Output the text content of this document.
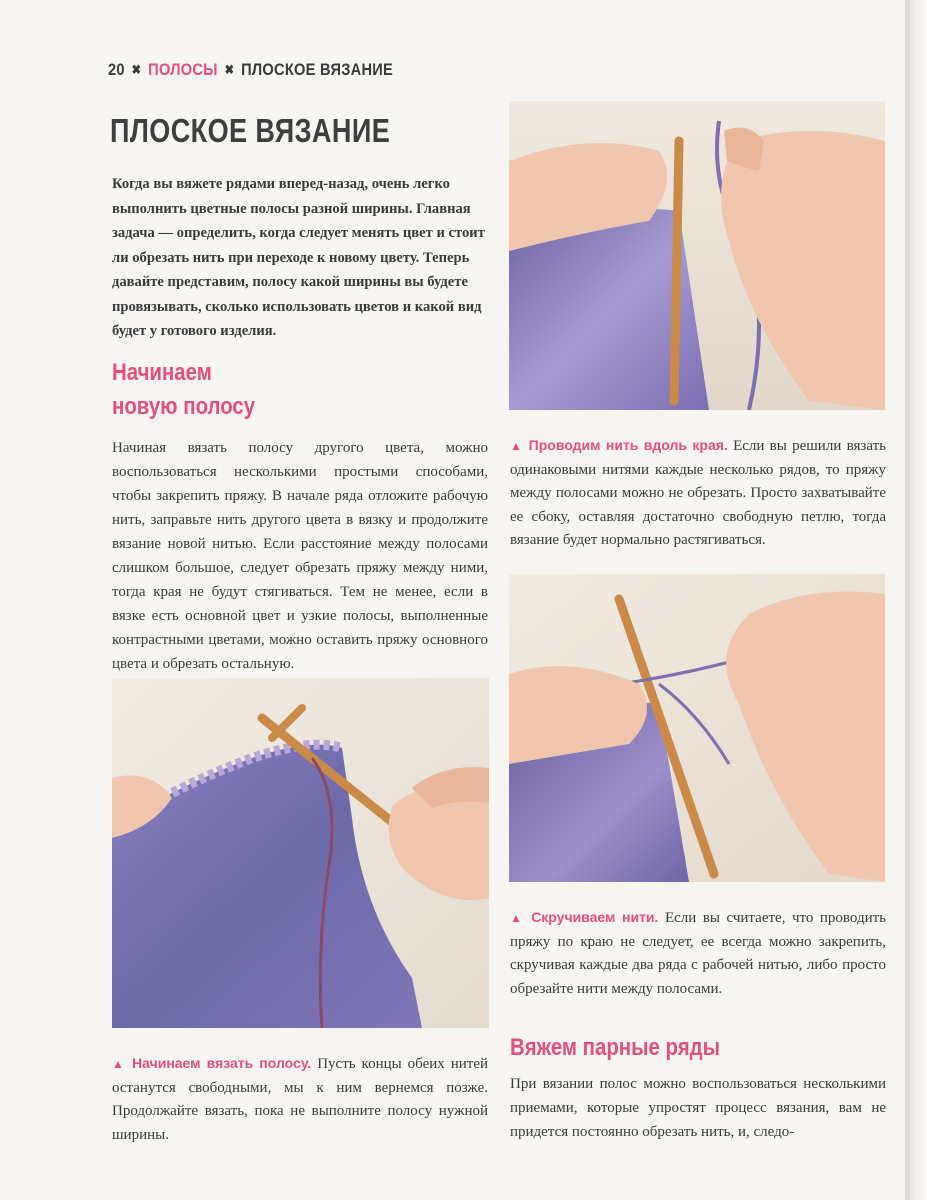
20 ✖ ПОЛОСЫ ✖ ПЛОСКОЕ ВЯЗАНИЕ
ПЛОСКОЕ ВЯЗАНИЕ
Когда вы вяжете рядами вперед-назад, очень легко выполнить цветные полосы разной ширины. Главная задача — определить, когда следует менять цвет и стоит ли обрезать нить при переходе к новому цвету. Теперь давайте представим, полосу какой ширины вы будете провязывать, сколько использовать цветов и какой вид будет у готового изделия.
Начинаем
новую полосу
Начиная вязать полосу другого цвета, можно воспользоваться несколькими простыми способами, чтобы закрепить пряжу. В начале ряда отложите рабочую нить, заправьте нить другого цвета в вязку и продолжите вязание новой нитью. Если расстояние между полосами слишком большое, следует обрезать пряжу между ними, тогда края не будут стягиваться. Тем не менее, если в вязке есть основной цвет и узкие полосы, выполненные контрастными цветами, можно оставить пряжу основного цвета и обрезать остальную.
▲ Начинаем вязать полосу. Пусть концы обеих нитей останутся свободными, мы к ним вернемся позже. Продолжайте вязать, пока не выполните полосу нужной ширины.
▲ Проводим нить вдоль края. Если вы решили вязать одинаковыми нитями каждые несколько рядов, то пряжу между полосами можно не обрезать. Просто захватывайте ее сбоку, оставляя достаточно свободную петлю, тогда вязание будет нормально растягиваться.
▲ Скручиваем нити. Если вы считаете, что проводить пряжу по краю не следует, ее всегда можно закрепить, скручивая каждые два ряда с рабочей нитью, либо просто обрезайте нити между полосами.
Вяжем парные ряды
При вязании полос можно воспользоваться несколькими приемами, которые упростят процесс вязания, вам не придется постоянно обрезать нить, и, следо-
